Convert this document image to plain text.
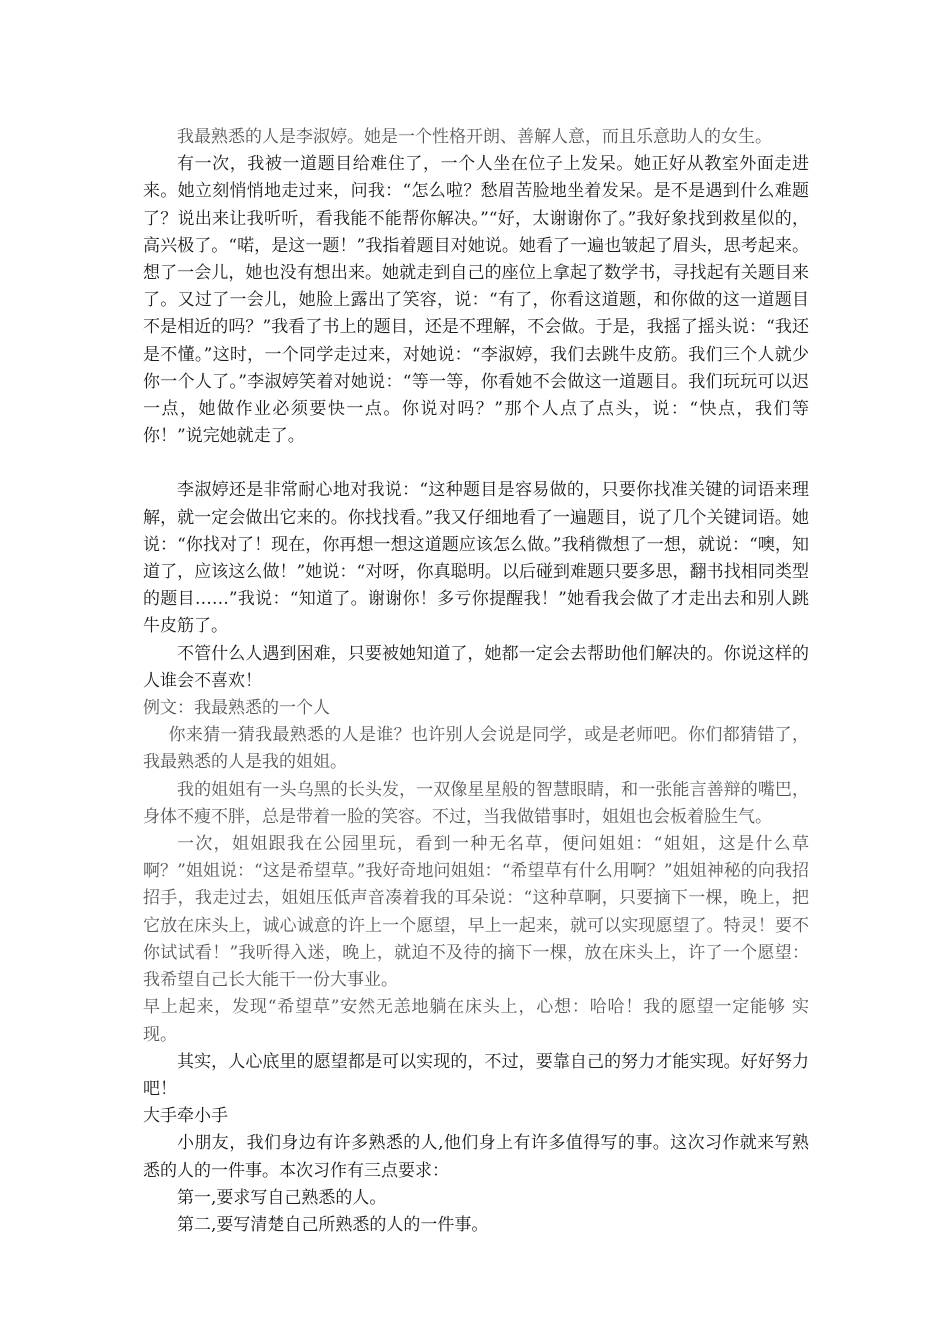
我最熟悉的人是李淑婷。她是一个性格开朗、善解人意，而且乐意助人的女生。

有一次，我被一道题目给难住了，一个人坐在位子上发呆。她正好从教室外面走进来。她立刻悄悄地走过来，问我：“怎么啦？愁眉苦脸地坐着发呆。是不是遇到什么难题了？说出来让我听听，看我能不能帮你解决。”“好，太谢谢你了。”我好象找到救星似的，高兴极了。“喏，是这一题！”我指着题目对她说。她看了一遍也皱起了眉头，思考起来。想了一会儿，她也没有想出来。她就走到自己的座位上拿起了数学书，寻找起有关题目来了。又过了一会儿，她脸上露出了笑容，说：“有了，你看这道题，和你做的这一道题目不是相近的吗？”我看了书上的题目，还是不理解，不会做。于是，我摇了摇头说：“我还是不懂。”这时，一个同学走过来，对她说：“李淑婷，我们去跳牛皮筋。我们三个人就少你一个人了。”李淑婷笑着对她说：“等一等，你看她不会做这一道题目。我们玩玩可以迟一点，她做作业必须要快一点。你说对吗？”那个人点了点头，说：“快点，我们等你！”说完她就走了。

李淑婷还是非常耐心地对我说：“这种题目是容易做的，只要你找准关键的词语来理解，就一定会做出它来的。你找找看。”我又仔细地看了一遍题目，说了几个关键词语。她说：“你找对了！现在，你再想一想这道题应该怎么做。”我稍微想了一想，就说：“噢，知道了，应该这么做！”她说：“对呀，你真聪明。以后碰到难题只要多思，翻书找相同类型的题目……”我说：“知道了。谢谢你！多亏你提醒我！”她看我会做了才走出去和别人跳牛皮筋了。

不管什么人遇到困难，只要被她知道了，她都一定会去帮助他们解决的。你说这样的人谁会不喜欢！

例文：我最熟悉的一个人

你来猜一猜我最熟悉的人是谁？也许别人会说是同学，或是老师吧。你们都猜错了，我最熟悉的人是我的姐姐。

我的姐姐有一头乌黑的长头发，一双像星星般的智慧眼睛，和一张能言善辩的嘴巴，身体不瘦不胖，总是带着一脸的笑容。不过，当我做错事时，姐姐也会板着脸生气。

一次，姐姐跟我在公园里玩，看到一种无名草，便问姐姐：“姐姐，这是什么草啊？”姐姐说：“这是希望草。”我好奇地问姐姐：“希望草有什么用啊？”姐姐神秘的向我招招手，我走过去，姐姐压低声音凑着我的耳朵说：“这种草啊，只要摘下一棵，晚上，把它放在床头上，诚心诚意的许上一个愿望，早上一起来，就可以实现愿望了。特灵！要不你试试看！”我听得入迷，晚上，就迫不及待的摘下一棵，放在床头上，许了一个愿望：我希望自己长大能干一份大事业。

早上起来，发现“希望草”安然无恙地躺在床头上，心想：哈哈！我的愿望一定能够 实现。

其实，人心底里的愿望都是可以实现的，不过，要靠自己的努力才能实现。好好努力吧！

大手牵小手

小朋友，我们身边有许多熟悉的人,他们身上有许多值得写的事。这次习作就来写熟悉的人的一件事。本次习作有三点要求：

第一,要求写自己熟悉的人。

第二,要写清楚自己所熟悉的人的一件事。
